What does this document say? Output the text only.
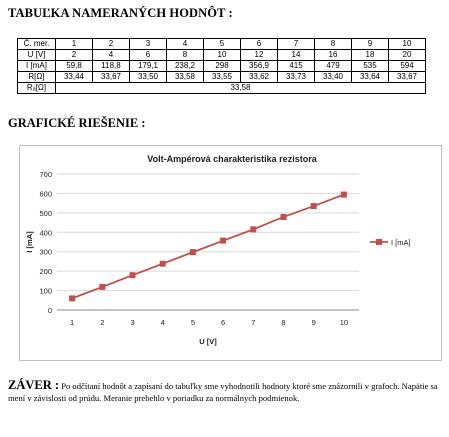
TABUĽKA NAMERANÝCH HODNÔT :
Č. mer.	1	2	3	4	5	6	7	8	9	10
U [V]	2	4	6	8	10	12	14	16	18	20
I [mA]	59,8	118,8	179,1	238,2	298	356,9	415	479	535	594
R[Ω]	33,44	33,67	33,50	33,58	33,55	33,62	33,73	33,40	33,64	33,67
Rₐ[Ω]	33,58									
GRAFICKÉ RIEŠENIE :
Volt-Ampérová charakteristika rezistora
0
100
200
300
400
500
600
700
1	2	3	4	5	6	7	8	9	10
U [V]
I [mA]	I [mA]

ZÁVER : Po odčítaní hodnôt a zapísaní do tabuľky sme vyhodnotili hodnoty ktoré sme znázornili v grafoch. Napätie sa mení v závislosti od prúdu. Meranie prebehlo v poriadku za normálnych podmienok.
